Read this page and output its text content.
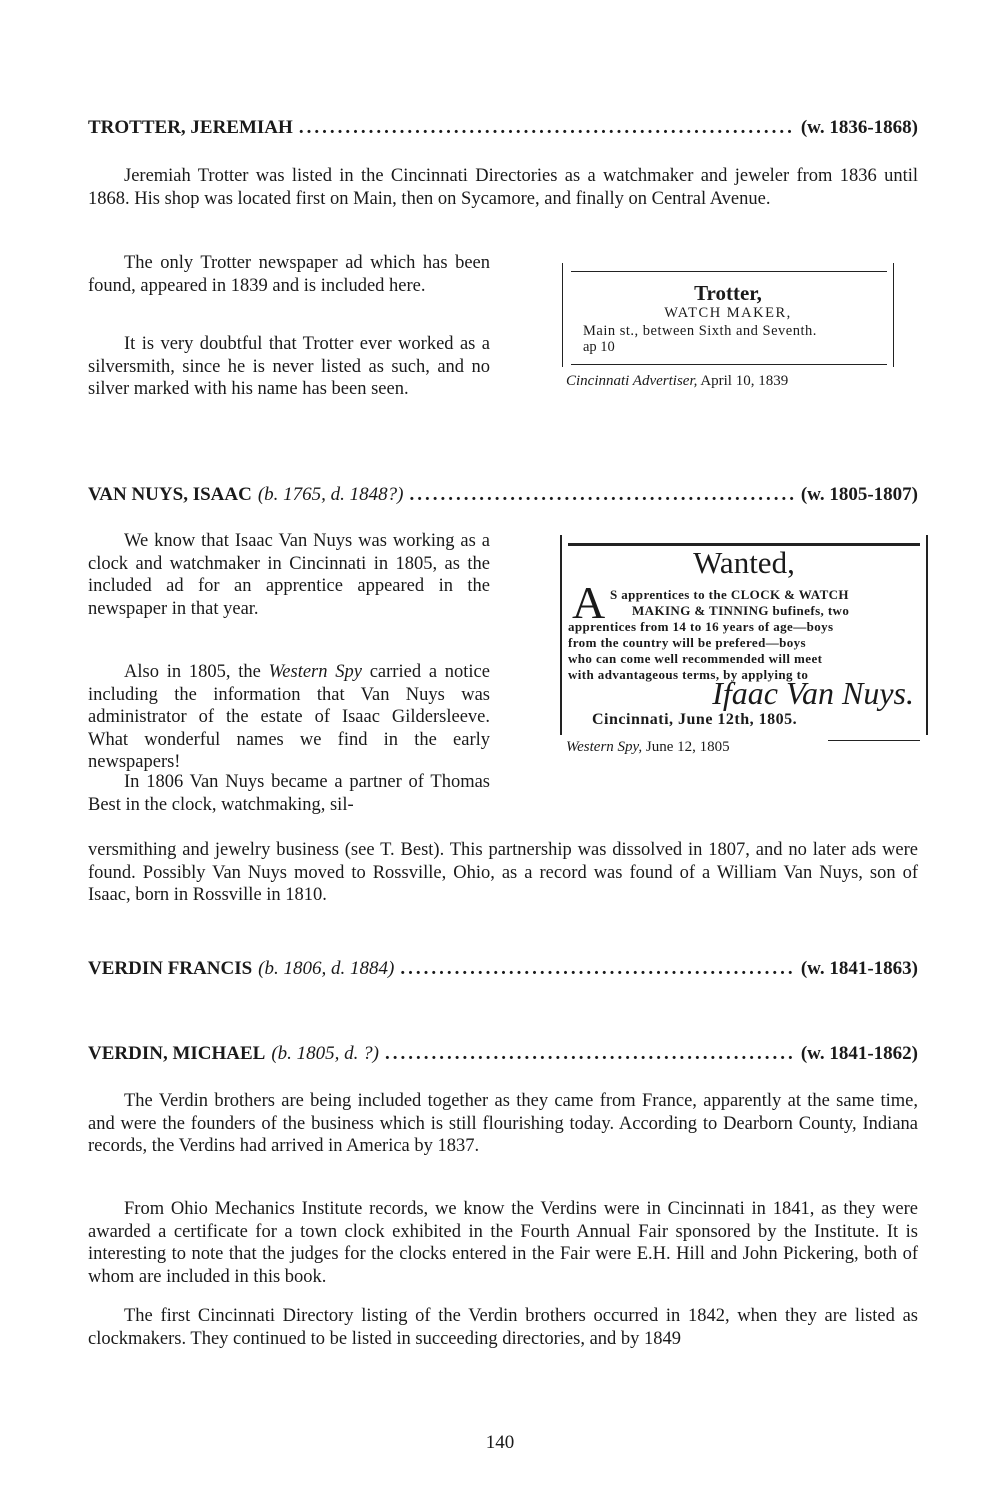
TROTTER, JEREMIAH .....	(w. 1836-1868)

Jeremiah Trotter was listed in the Cincinnati Directories as a watchmaker and jeweler from 1836 until 1868. His shop was located first on Main, then on Sycamore, and finally on Central Avenue.

The only Trotter newspaper ad which has been found, appeared in 1839 and is included here.

It is very doubtful that Trotter ever worked as a silversmith, since he is never listed as such, and no silver marked with his name has been seen.

Trotter,
WATCH MAKER,
Main st., between Sixth and Seventh.
ap 10
Cincinnati Advertiser, April 10, 1839
VAN NUYS, ISAAC (b. 1765, d. 1848?) .....	(w. 1805-1807)

We know that Isaac Van Nuys was working as a clock and watchmaker in Cincinnati in 1805, as the included ad for an apprentice appeared in the newspaper in that year.

Also in 1805, the Western Spy carried a notice including the information that Van Nuys was administrator of the estate of Isaac Gildersleeve. What wonderful names we find in the early newspapers!

In 1806 Van Nuys became a partner of Thomas Best in the clock, watchmaking, sil-

versmithing and jewelry business (see T. Best). This partnership was dissolved in 1807, and no later ads were found. Possibly Van Nuys moved to Rossville, Ohio, as a record was found of a William Van Nuys, son of Isaac, born in Rossville in 1810.

Wanted,
A S apprentices to the CLOCK & WATCH
MAKING & TINNING bufinefs, two
apprentices from 14 to 16 years of age—boys
from the country will be prefered—boys
who can come well recommended will meet
with advantageous terms, by applying to
Ifaac Van Nuys.
Cincinnati, June 12th, 1805.
Western Spy, June 12, 1805
VERDIN FRANCIS (b. 1806, d. 1884) .....	(w. 1841-1863)
VERDIN, MICHAEL (b. 1805, d. ?) .....	(w. 1841-1862)

The Verdin brothers are being included together as they came from France, apparently at the same time, and were the founders of the business which is still flourishing today. According to Dearborn County, Indiana records, the Verdins had arrived in America by 1837.

From Ohio Mechanics Institute records, we know the Verdins were in Cincinnati in 1841, as they were awarded a certificate for a town clock exhibited in the Fourth Annual Fair sponsored by the Institute. It is interesting to note that the judges for the clocks entered in the Fair were E.H. Hill and John Pickering, both of whom are included in this book.

The first Cincinnati Directory listing of the Verdin brothers occurred in 1842, when they are listed as clockmakers. They continued to be listed in succeeding directories, and by 1849

140
